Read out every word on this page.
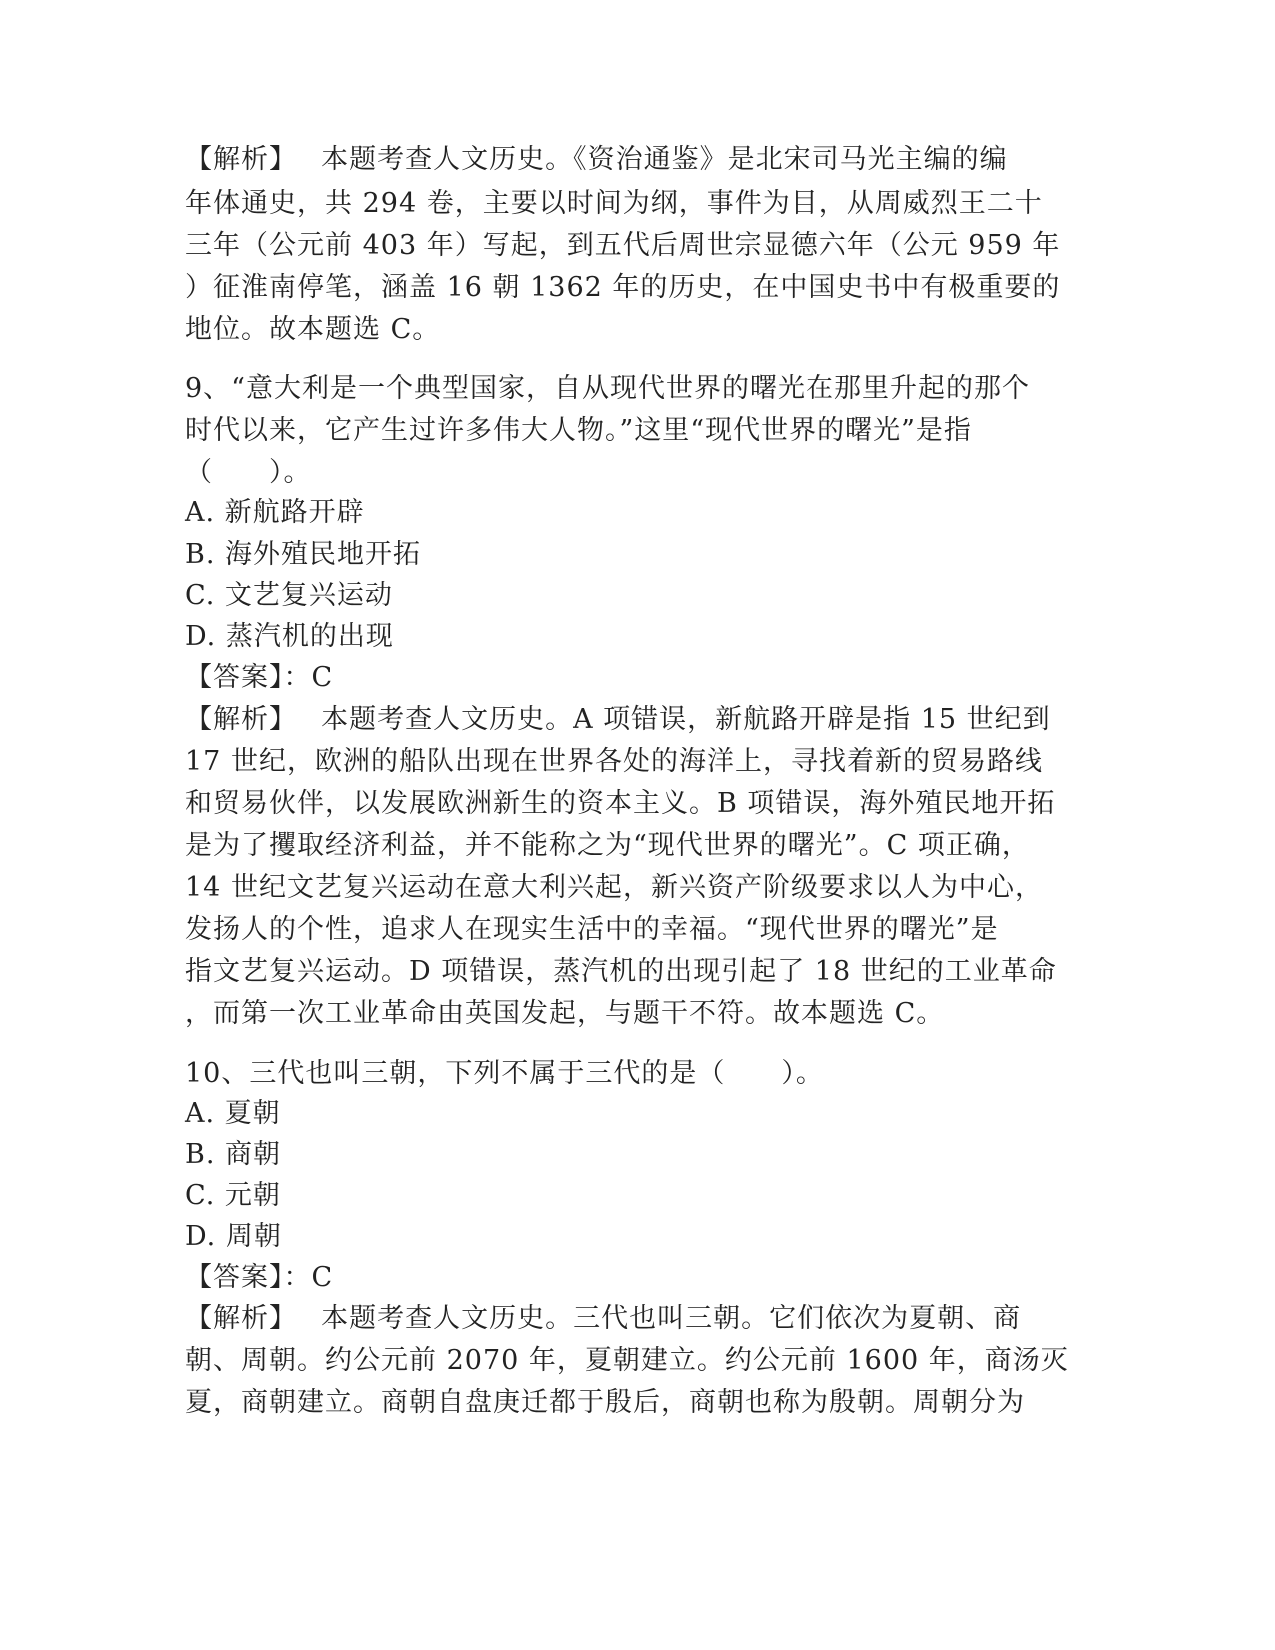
【解析】　 本题考查人文历史。《资治通鉴》是北宋司马光主编的编
年体通史，共 294 卷，主要以时间为纲，事件为目，从周威烈王二十
三年（公元前 403 年）写起，到五代后周世宗显德六年（公元 959 年
）征淮南停笔，涵盖 16 朝 1362 年的历史，在中国史书中有极重要的
地位。故本题选 C。
9、“意大利是一个典型国家，自从现代世界的曙光在那里升起的那个
时代以来，它产生过许多伟大人物。”这里“现代世界的曙光”是指
（　　）。
A. 新航路开辟
B. 海外殖民地开拓
C. 文艺复兴运动
D. 蒸汽机的出现
【答案】：C
【解析】　 本题考查人文历史。A 项错误，新航路开辟是指 15 世纪到
17 世纪，欧洲的船队出现在世界各处的海洋上，寻找着新的贸易路线
和贸易伙伴，以发展欧洲新生的资本主义。B 项错误，海外殖民地开拓
是为了攫取经济利益，并不能称之为“现代世界的曙光”。C 项正确，
14 世纪文艺复兴运动在意大利兴起，新兴资产阶级要求以人为中心，
发扬人的个性，追求人在现实生活中的幸福。“现代世界的曙光”是
指文艺复兴运动。D 项错误，蒸汽机的出现引起了 18 世纪的工业革命
，而第一次工业革命由英国发起，与题干不符。故本题选 C。
10、三代也叫三朝，下列不属于三代的是（　　）。
A. 夏朝
B. 商朝
C. 元朝
D. 周朝
【答案】：C
【解析】　 本题考查人文历史。三代也叫三朝。它们依次为夏朝、商
朝、周朝。约公元前 2070 年，夏朝建立。约公元前 1600 年，商汤灭
夏，商朝建立。商朝自盘庚迁都于殷后，商朝也称为殷朝。周朝分为
